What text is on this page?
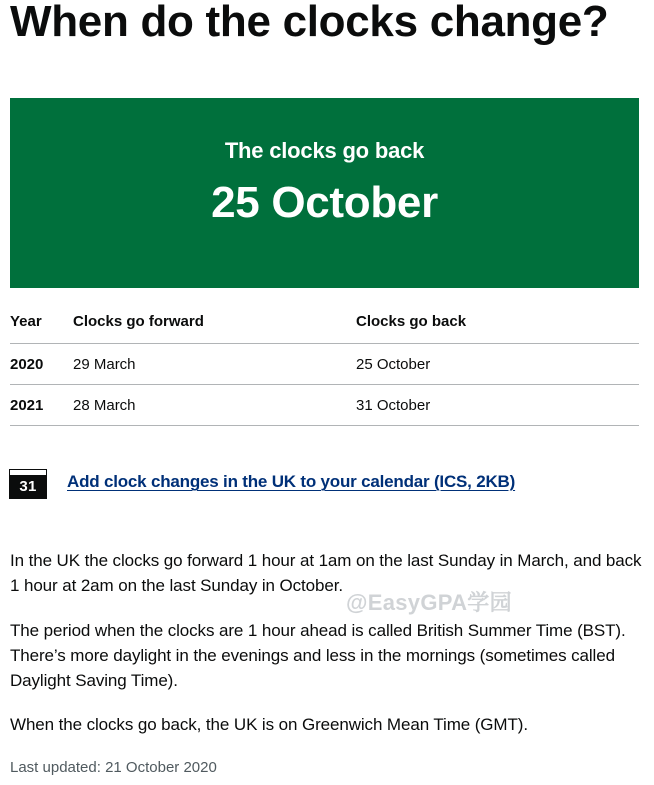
When do the clocks change?
The clocks go back
25 October
Year	Clocks go forward	Clocks go back
2020	29 March	25 October
2021	28 March	31 October
31	Add clock changes in the UK to your calendar (ICS, 2KB)

In the UK the clocks go forward 1 hour at 1am on the last Sunday in March, and back 1 hour at 2am on the last Sunday in October.

The period when the clocks are 1 hour ahead is called British Summer Time (BST). There’s more daylight in the evenings and less in the mornings (sometimes called Daylight Saving Time).

When the clocks go back, the UK is on Greenwich Mean Time (GMT).

Last updated: 21 October 2020
@EasyGPA学园
